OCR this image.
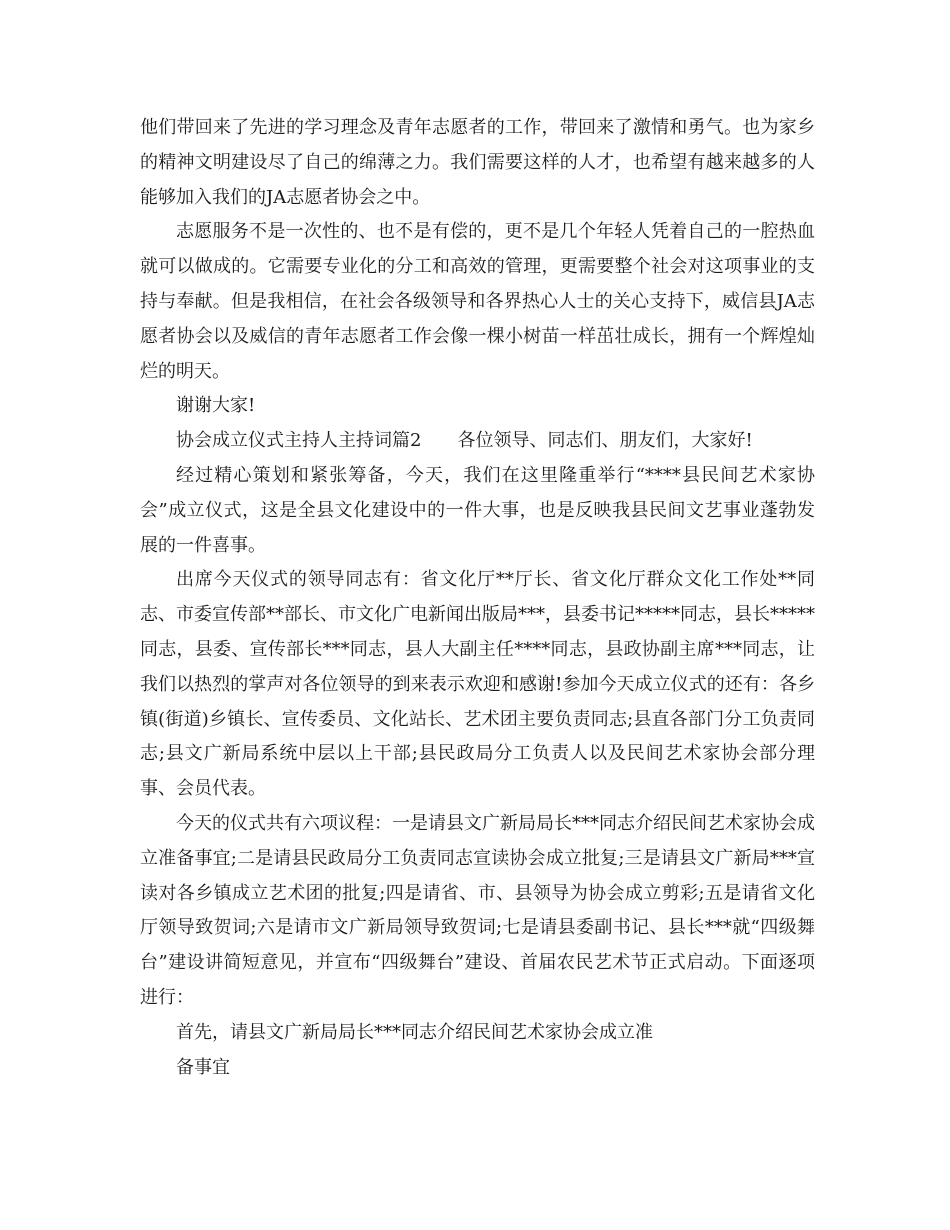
他们带回来了先进的学习理念及青年志愿者的工作，带回来了激情和勇气。也为家乡的精神文明建设尽了自己的绵薄之力。我们需要这样的人才，也希望有越来越多的人能够加入我们的JA志愿者协会之中。

志愿服务不是一次性的、也不是有偿的，更不是几个年轻人凭着自己的一腔热血就可以做成的。它需要专业化的分工和高效的管理，更需要整个社会对这项事业的支持与奉献。但是我相信，在社会各级领导和各界热心人士的关心支持下，威信县JA志愿者协会以及威信的青年志愿者工作会像一棵小树苗一样茁壮成长，拥有一个辉煌灿烂的明天。

谢谢大家!

协会成立仪式主持人主持词篇2　　各位领导、同志们、朋友们，大家好!

经过精心策划和紧张筹备，今天，我们在这里隆重举行“****县民间艺术家协会”成立仪式，这是全县文化建设中的一件大事，也是反映我县民间文艺事业蓬勃发展的一件喜事。

出席今天仪式的领导同志有：省文化厅**厅长、省文化厅群众文化工作处**同志、市委宣传部**部长、市文化广电新闻出版局***，县委书记*****同志，县长*****同志，县委、宣传部长***同志，县人大副主任****同志，县政协副主席***同志，让我们以热烈的掌声对各位领导的到来表示欢迎和感谢!参加今天成立仪式的还有：各乡镇(街道)乡镇长、宣传委员、文化站长、艺术团主要负责同志;县直各部门分工负责同志;县文广新局系统中层以上干部;县民政局分工负责人以及民间艺术家协会部分理事、会员代表。

今天的仪式共有六项议程：一是请县文广新局局长***同志介绍民间艺术家协会成立准备事宜;二是请县民政局分工负责同志宣读协会成立批复;三是请县文广新局***宣读对各乡镇成立艺术团的批复;四是请省、市、县领导为协会成立剪彩;五是请省文化厅领导致贺词;六是请市文广新局领导致贺词;七是请县委副书记、县长***就“四级舞台”建设讲简短意见，并宣布“四级舞台”建设、首届农民艺术节正式启动。下面逐项进行：

首先，请县文广新局局长***同志介绍民间艺术家协会成立准

备事宜
